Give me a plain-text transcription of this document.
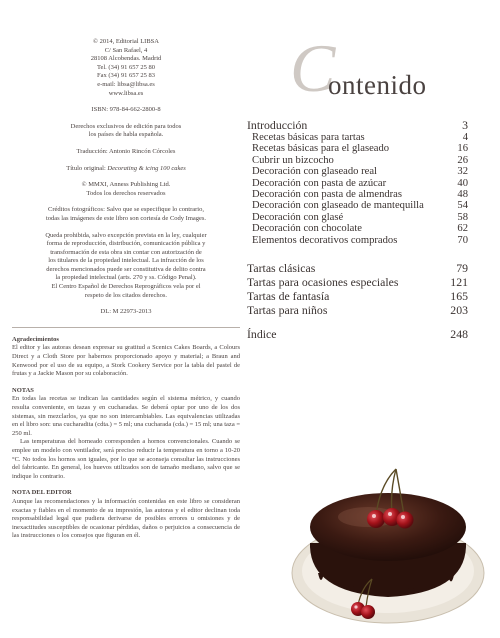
© 2014, Editorial LIBSA
C/ San Rafael, 4
28108 Alcobendas. Madrid
Tel. (34) 91 657 25 80
Fax (34) 91 657 25 83
e-mail: libsa@libsa.es
www.libsa.es
ISBN: 978-84-662-2800-8
Derechos exclusivos de edición para todos
los países de habla española.
Traducción: Antonio Rincón Córcoles
Título original: Decorating & icing 100 cakes
© MMXI, Anness Publishing Ltd.
Todos los derechos reservados
Créditos fotográficos: Salvo que se especifique lo contrario,
todas las imágenes de este libro son cortesía de Cody Images.
Queda prohibida, salvo excepción prevista en la ley, cualquier
forma de reproducción, distribución, comunicación pública y
transformación de esta obra sin contar con autorización de
los titulares de la propiedad intelectual. La infracción de los
derechos mencionados puede ser constitutiva de delito contra
la propiedad intelectual (arts. 270 y ss. Código Penal).
El Centro Español de Derechos Reprográficos vela por el
respeto de los citados derechos.
DL: M 22973-2013
Agradecimientos

El editor y las autoras desean expresar su gratitud a Scenics Cakes Boards, a Colours Direct y a Cloth Store por habernos proporcionado apoyo y material; a Braun and Kenwood por el uso de su equipo, a Stork Cookery Service por la tabla del pastel de frutas y a Jackie Mason por su colaboración.

NOTAS

En todas las recetas se indican las cantidades según el sistema métrico, y cuando resulta conveniente, en tazas y en cucharadas. Se deberá optar por uno de los dos sistemas, sin mezclarlos, ya que no son intercambiables. Las equivalencias utilizadas en el libro son: una cucharadita (cdta.) = 5 ml; una cucharada (cda.) = 15 ml; una taza = 250 ml.

Las temperaturas del horneado corresponden a hornos convencionales. Cuando se emplee un modelo con ventilador, será preciso reducir la temperatura en torno a 10-20 °C. No todos los hornos son iguales, por lo que se aconseja consultar las instrucciones del fabricante. En general, los huevos utilizados son de tamaño mediano, salvo que se indique lo contrario.

NOTA DEL EDITOR

Aunque las recomendaciones y la información contenidas en este libro se consideran exactas y fiables en el momento de su impresión, las autoras y el editor declinan toda responsabilidad legal que pudiera derivarse de posibles errores u omisiones y de inexactitudes susceptibles de ocasionar pérdidas, daños o perjuicios a consecuencia de las instrucciones o los consejos que figuran en él.

C
ontenido
Introducción	3
Recetas básicas para tartas	4
Recetas básicas para el glaseado	16
Cubrir un bizcocho	26
Decoración con glaseado real	32
Decoración con pasta de azúcar	40
Decoración con pasta de almendras	48
Decoración con glaseado de mantequilla	54
Decoración con glasé	58
Decoración con chocolate	62
Elementos decorativos comprados	70
Tartas clásicas	79
Tartas para ocasiones especiales	121
Tartas de fantasía	165
Tartas para niños	203
Índice	248
